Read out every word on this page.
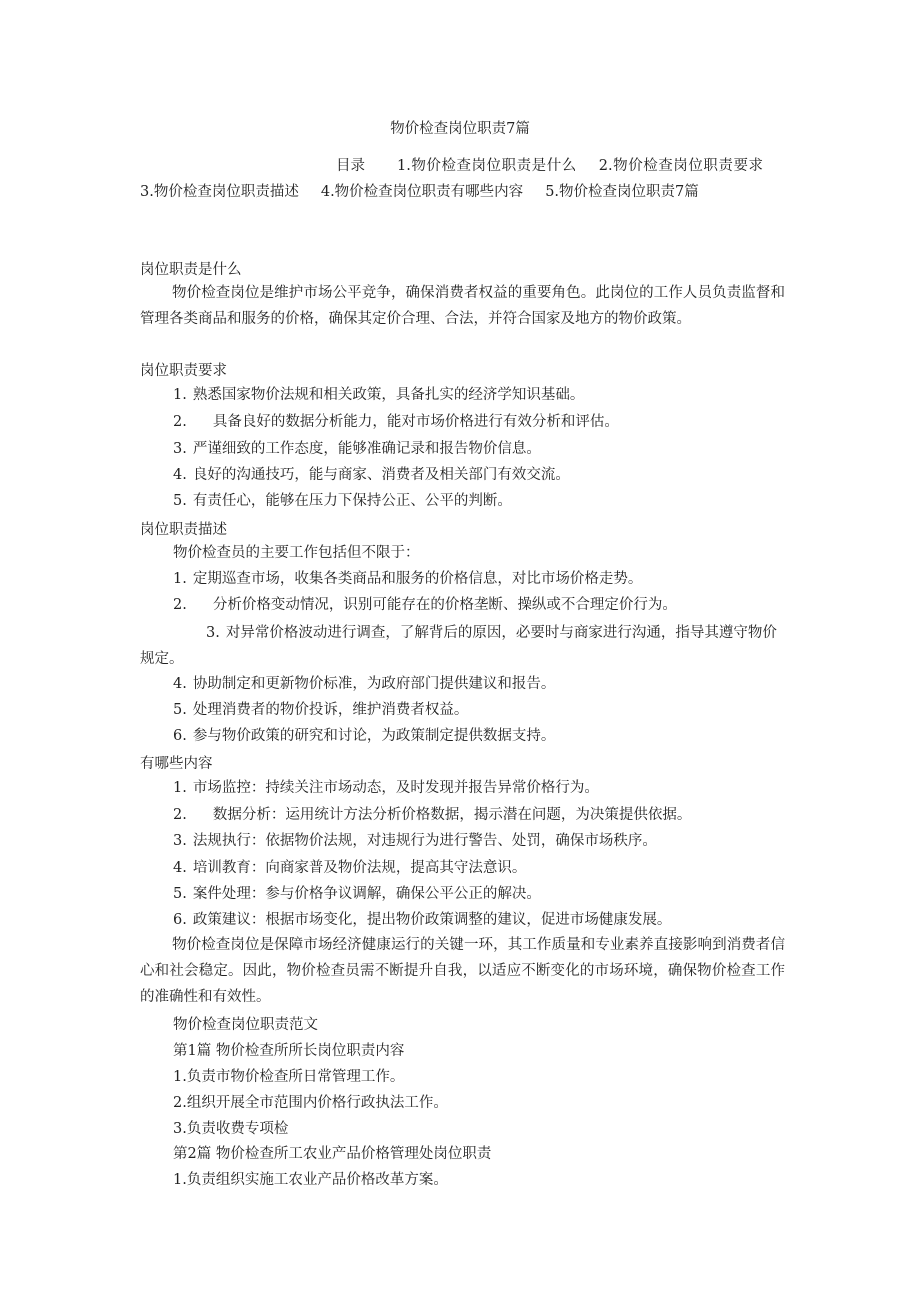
物价检查岗位职责7篇
目录 1.物价检查岗位职责是什么 2.物价检查岗位职责要求3.物价检查岗位职责描述 4.物价检查岗位职责有哪些内容 5.物价检查岗位职责7篇
岗位职责是什么
物价检查岗位是维护市场公平竞争，确保消费者权益的重要角色。此岗位的工作人员负责监督和管理各类商品和服务的价格，确保其定价合理、合法，并符合国家及地方的物价政策。
岗位职责要求
1. 熟悉国家物价法规和相关政策，具备扎实的经济学知识基础。
2. 具备良好的数据分析能力，能对市场价格进行有效分析和评估。
3. 严谨细致的工作态度，能够准确记录和报告物价信息。
4. 良好的沟通技巧，能与商家、消费者及相关部门有效交流。
5. 有责任心，能够在压力下保持公正、公平的判断。
岗位职责描述
物价检查员的主要工作包括但不限于：
1. 定期巡查市场，收集各类商品和服务的价格信息，对比市场价格走势。
2. 分析价格变动情况，识别可能存在的价格垄断、操纵或不合理定价行为。
3. 对异常价格波动进行调查，了解背后的原因，必要时与商家进行沟通，指导其遵守物价规定。
4. 协助制定和更新物价标准，为政府部门提供建议和报告。
5. 处理消费者的物价投诉，维护消费者权益。
6. 参与物价政策的研究和讨论，为政策制定提供数据支持。
有哪些内容
1. 市场监控：持续关注市场动态，及时发现并报告异常价格行为。
2. 数据分析：运用统计方法分析价格数据，揭示潜在问题，为决策提供依据。
3. 法规执行：依据物价法规，对违规行为进行警告、处罚，确保市场秩序。
4. 培训教育：向商家普及物价法规，提高其守法意识。
5. 案件处理：参与价格争议调解，确保公平公正的解决。
6. 政策建议：根据市场变化，提出物价政策调整的建议，促进市场健康发展。
物价检查岗位是保障市场经济健康运行的关键一环，其工作质量和专业素养直接影响到消费者信心和社会稳定。因此，物价检查员需不断提升自我，以适应不断变化的市场环境，确保物价检查工作的准确性和有效性。
物价检查岗位职责范文
第1篇 物价检查所所长岗位职责内容
1.负责市物价检查所日常管理工作。
2.组织开展全市范围内价格行政执法工作。
3.负责收费专项检
第2篇 物价检查所工农业产品价格管理处岗位职责
1.负责组织实施工农业产品价格改革方案。
